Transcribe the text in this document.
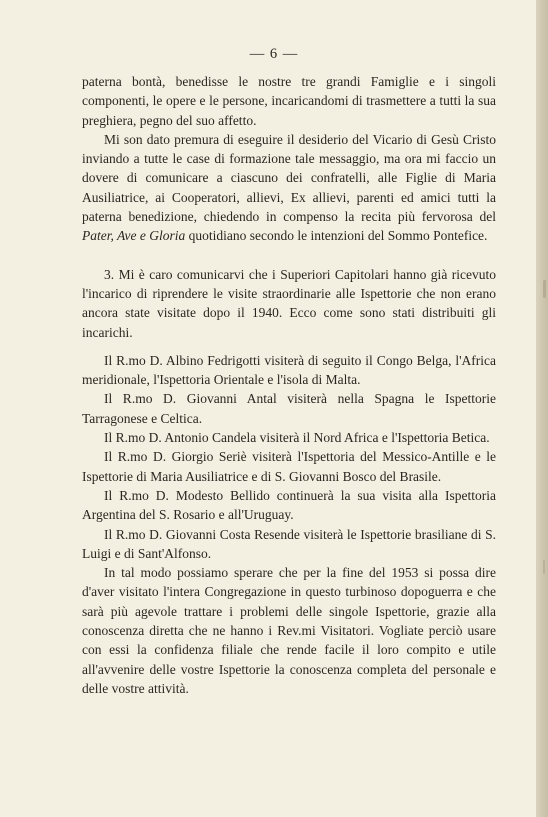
— 6 —

paterna bontà, benedisse le nostre tre grandi Famiglie e i singoli componenti, le opere e le persone, incaricandomi di trasmettere a tutti la sua preghiera, pegno del suo affetto.

Mi son dato premura di eseguire il desiderio del Vicario di Gesù Cristo inviando a tutte le case di formazione tale messaggio, ma ora mi faccio un dovere di comunicare a ciascuno dei confratelli, alle Figlie di Maria Ausiliatrice, ai Cooperatori, allievi, Ex allievi, parenti ed amici tutti la paterna benedizione, chiedendo in compenso la recita più fervorosa del Pater, Ave e Gloria quotidiano secondo le intenzioni del Sommo Pontefice.

3. Mi è caro comunicarvi che i Superiori Capitolari hanno già ricevuto l'incarico di riprendere le visite straordinarie alle Ispettorie che non erano ancora state visitate dopo il 1940. Ecco come sono stati distribuiti gli incarichi.

Il R.mo D. Albino Fedrigotti visiterà di seguito il Congo Belga, l'Africa meridionale, l'Ispettoria Orientale e l'isola di Malta.

Il R.mo D. Giovanni Antal visiterà nella Spagna le Ispettorie Tarragonese e Celtica.

Il R.mo D. Antonio Candela visiterà il Nord Africa e l'Ispettoria Betica.

Il R.mo D. Giorgio Seriè visiterà l'Ispettoria del Messico-Antille e le Ispettorie di Maria Ausiliatrice e di S. Giovanni Bosco del Brasile.

Il R.mo D. Modesto Bellido continuerà la sua visita alla Ispettoria Argentina del S. Rosario e all'Uruguay.

Il R.mo D. Giovanni Costa Resende visiterà le Ispettorie brasiliane di S. Luigi e di Sant'Alfonso.

In tal modo possiamo sperare che per la fine del 1953 si possa dire d'aver visitato l'intera Congregazione in questo turbinoso dopoguerra e che sarà più agevole trattare i problemi delle singole Ispettorie, grazie alla conoscenza diretta che ne hanno i Rev.mi Visitatori. Vogliate perciò usare con essi la confidenza filiale che rende facile il loro compito e utile all'avvenire delle vostre Ispettorie la conoscenza completa del personale e delle vostre attività.
